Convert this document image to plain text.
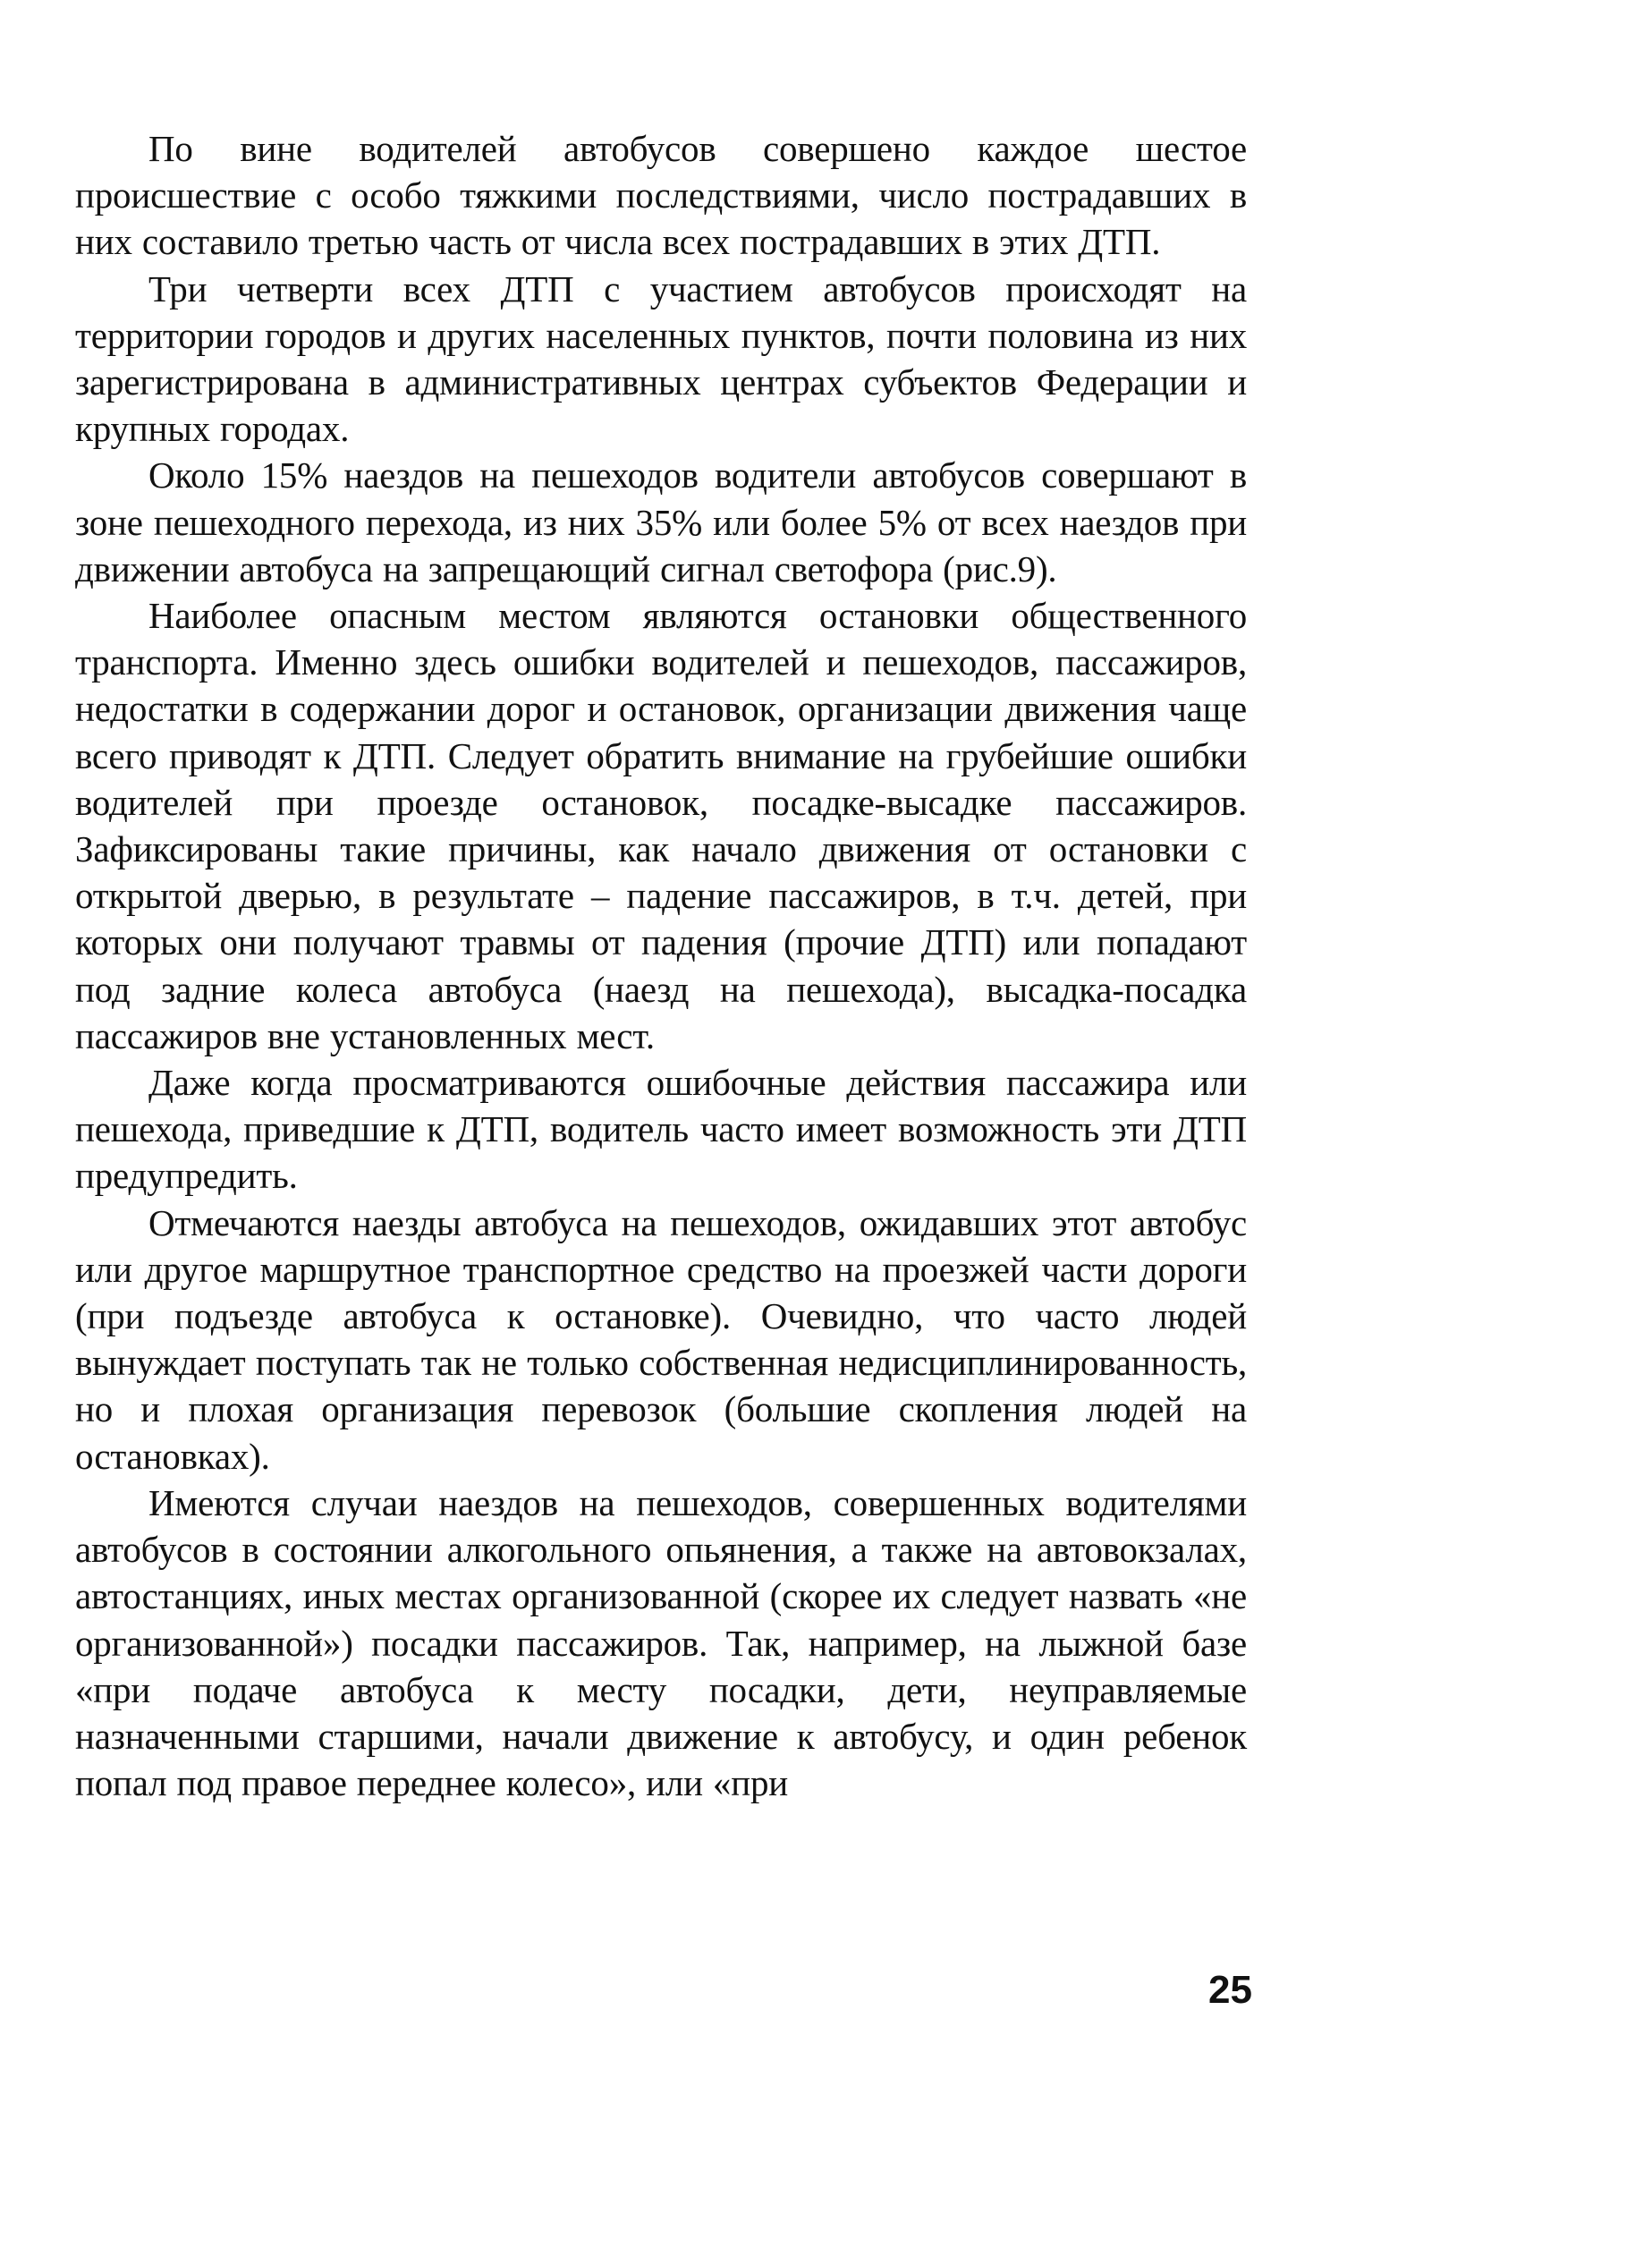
По вине водителей автобусов совершено каждое шестое происшествие с особо тяжкими последствиями, число пострадавших в них составило третью часть от числа всех пострадавших в этих ДТП.

Три четверти всех ДТП с участием автобусов происходят на территории городов и других населенных пунктов, почти половина из них зарегистрирована в административных центрах субъектов Федерации и крупных городах.

Около 15% наездов на пешеходов водители автобусов совершают в зоне пешеходного перехода, из них 35% или более 5% от всех наездов при движении автобуса на запрещающий сигнал светофора (рис.9).

Наиболее опасным местом являются остановки общественного транспорта. Именно здесь ошибки водителей и пешеходов, пассажиров, недостатки в содержании дорог и остановок, организации движения чаще всего приводят к ДТП. Следует обратить внимание на грубейшие ошибки водителей при проезде остановок, посадке-высадке пассажиров. Зафиксированы такие причины, как начало движения от остановки с открытой дверью, в результате – падение пассажиров, в т.ч. детей, при которых они получают травмы от падения (прочие ДТП) или попадают под задние колеса автобуса (наезд на пешехода), высадка-посадка пассажиров вне установленных мест.

Даже когда просматриваются ошибочные действия пассажира или пешехода, приведшие к ДТП, водитель часто имеет возможность эти ДТП предупредить.

Отмечаются наезды автобуса на пешеходов, ожидавших этот автобус или другое маршрутное транспортное средство на проезжей части дороги (при подъезде автобуса к остановке). Очевидно, что часто людей вынуждает поступать так не только собственная недисциплинированность, но и плохая организация перевозок (большие скопления людей на остановках).

Имеются случаи наездов на пешеходов, совершенных водителями автобусов в состоянии алкогольного опьянения, а также на автовокзалах, автостанциях, иных местах организованной (скорее их следует назвать «не организованной») посадки пассажиров. Так, например, на лыжной базе «при подаче автобуса к месту посадки, дети, неуправляемые назначенными старшими, начали движение к автобусу, и один ребенок попал под правое переднее колесо», или «при

25
